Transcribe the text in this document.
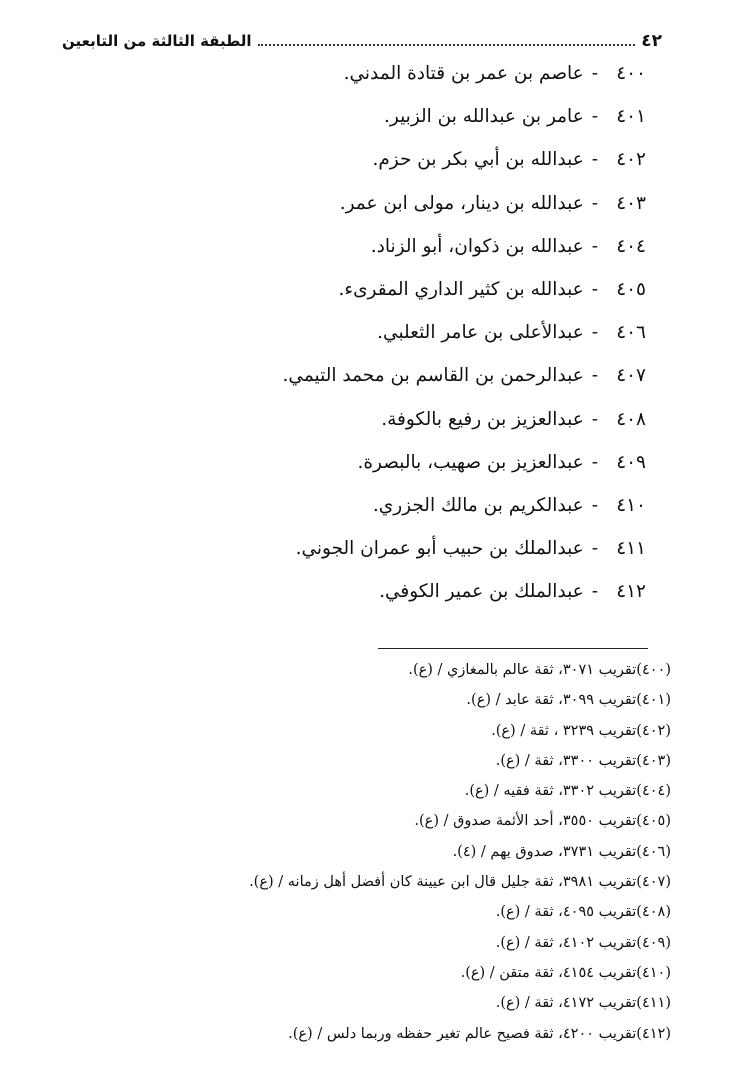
٤٢
الطبقة الثالثة من التابعين
٤٠٠-عاصم بن عمر بن قتادة المدني.
٤٠١-عامر بن عبدالله بن الزبير.
٤٠٢-عبدالله بن أبي بكر بن حزم.
٤٠٣-عبدالله بن دينار، مولى ابن عمر.
٤٠٤-عبدالله بن ذكوان، أبو الزناد.
٤٠٥-عبدالله بن كثير الداري المقرىء.
٤٠٦-عبدالأعلى بن عامر الثعلبي.
٤٠٧-عبدالرحمن بن القاسم بن محمد التيمي.
٤٠٨-عبدالعزيز بن رفيع بالكوفة.
٤٠٩-عبدالعزيز بن صهيب، بالبصرة.
٤١٠-عبدالكريم بن مالك الجزري.
٤١١-عبدالملك بن حبيب أبو عمران الجوني.
٤١٢-عبدالملك بن عمير الكوفي.
(٤٠٠)تقريب ٣٠٧١، ثقة عالم بالمغازي / (ع).
(٤٠١)تقريب ٣٠٩٩، ثقة عابد / (ع).
(٤٠٢)تقريب ٣٢٣٩ ، ثقة / (ع).
(٤٠٣)تقريب ٣٣٠٠، ثقة / (ع).
(٤٠٤)تقريب ٣٣٠٢، ثقة فقيه / (ع).
(٤٠٥)تقريب ٣٥٥٠، أحد الأئمة صدوق / (ع).
(٤٠٦)تقريب ٣٧٣١، صدوق يهم / (٤).
(٤٠٧)تقريب ٣٩٨١، ثقة جليل قال ابن عيينة كان أفضل أهل زمانه / (ع).
(٤٠٨)تقريب ٤٠٩٥، ثقة / (ع).
(٤٠٩)تقريب ٤١٠٢، ثقة / (ع).
(٤١٠)تقريب ٤١٥٤، ثقة متقن / (ع).
(٤١١)تقريب ٤١٧٢، ثقة / (ع).
(٤١٢)تقريب ٤٢٠٠، ثقة فصيح عالم تغير حفظه وربما دلس / (ع).
